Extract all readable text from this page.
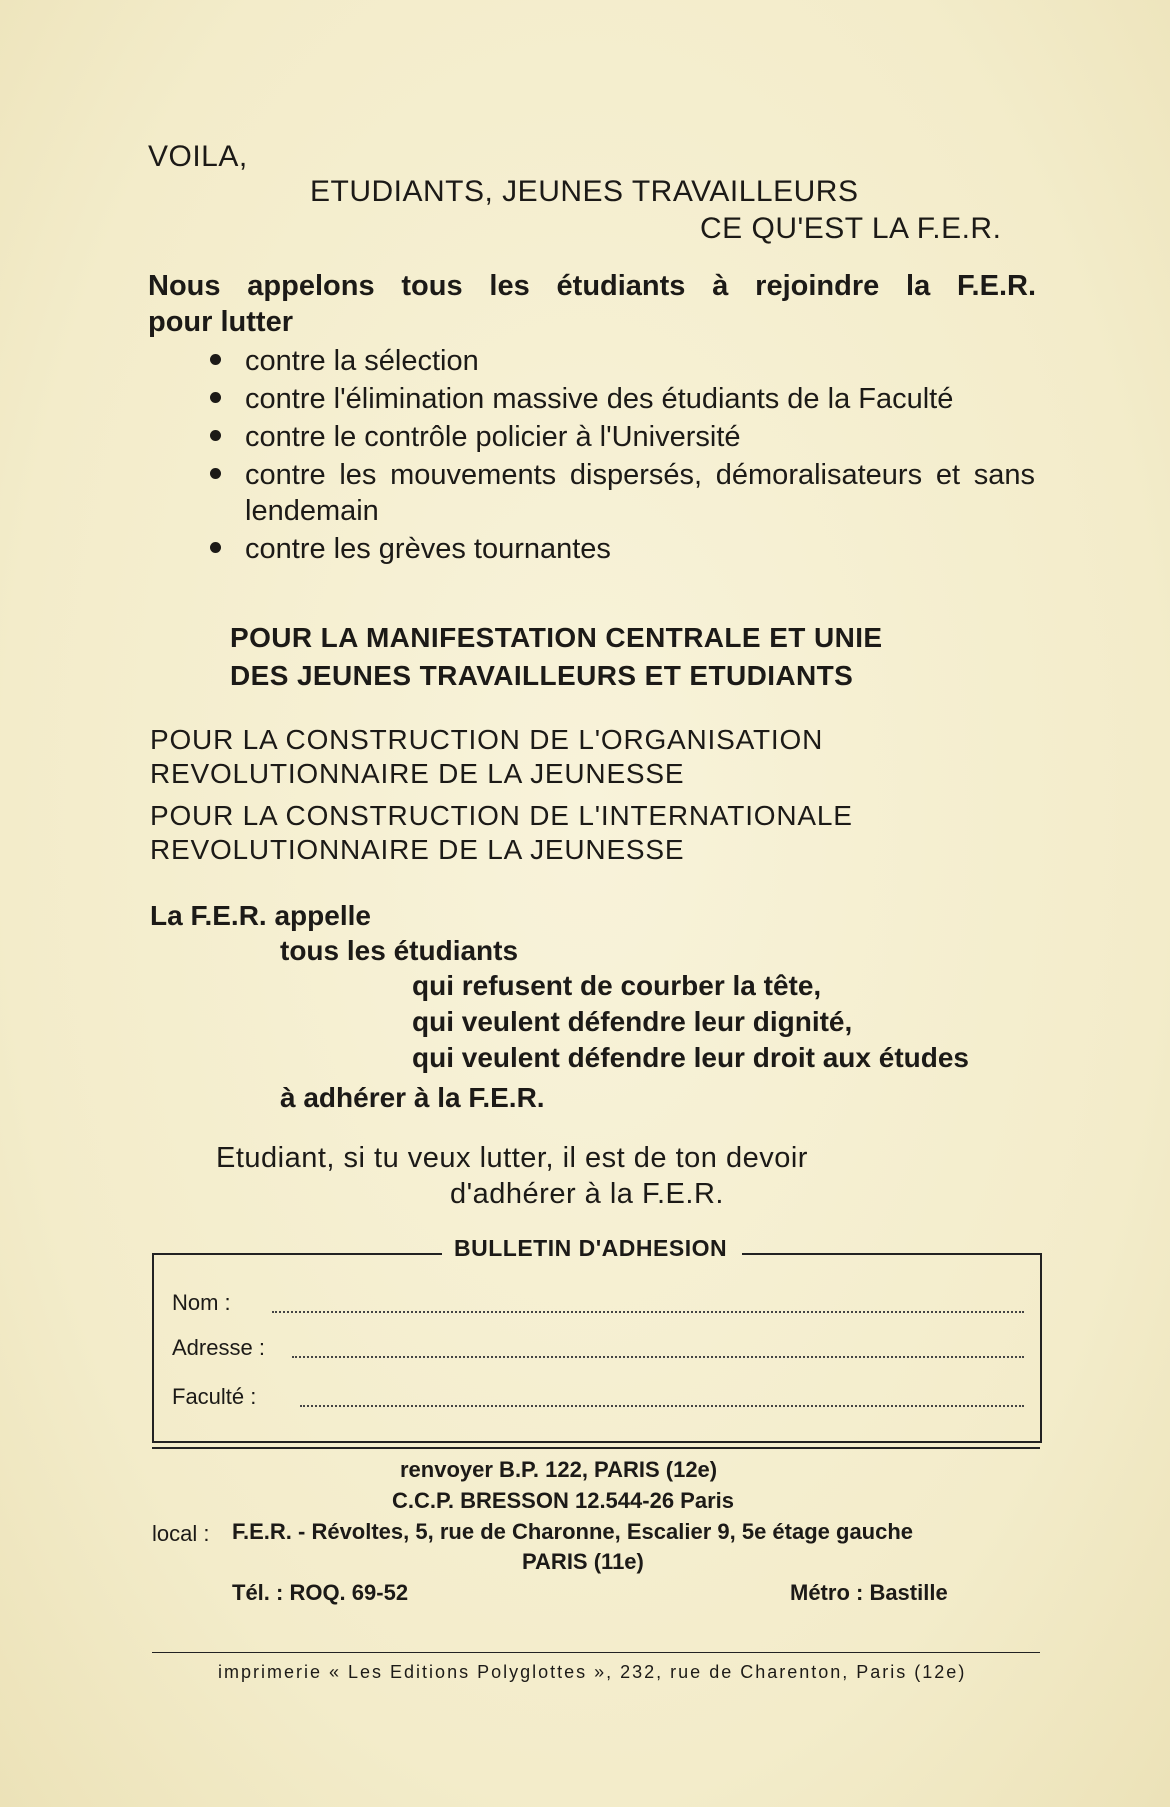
VOILA,
ETUDIANTS, JEUNES TRAVAILLEURS
CE QU'EST LA F.E.R.
Nous appelons tous les étudiants à rejoindre la F.E.R.
pour lutter
contre la sélection
contre l'élimination massive des étudiants de la Faculté
contre le contrôle policier à l'Université
contre les mouvements dispersés, démoralisateurs et sans lendemain
contre les grèves tournantes
POUR LA MANIFESTATION CENTRALE ET UNIE
DES JEUNES TRAVAILLEURS ET ETUDIANTS
POUR LA CONSTRUCTION DE L'ORGANISATION
REVOLUTIONNAIRE DE LA JEUNESSE
POUR LA CONSTRUCTION DE L'INTERNATIONALE
REVOLUTIONNAIRE DE LA JEUNESSE
La F.E.R. appelle
tous les étudiants
qui refusent de courber la tête,
qui veulent défendre leur dignité,
qui veulent défendre leur droit aux études
à adhérer à la F.E.R.
Etudiant, si tu veux lutter, il est de ton devoir
d'adhérer à la F.E.R.
BULLETIN D'ADHESION
Nom :
Adresse :
Faculté :
renvoyer B.P. 122, PARIS (12e)
C.C.P. BRESSON 12.544-26 Paris
local : F.E.R. - Révoltes, 5, rue de Charonne, Escalier 9, 5e étage gauche
PARIS (11e)
Tél. : ROQ. 69-52	Métro : Bastille
imprimerie « Les Editions Polyglottes », 232, rue de Charenton, Paris (12e)
